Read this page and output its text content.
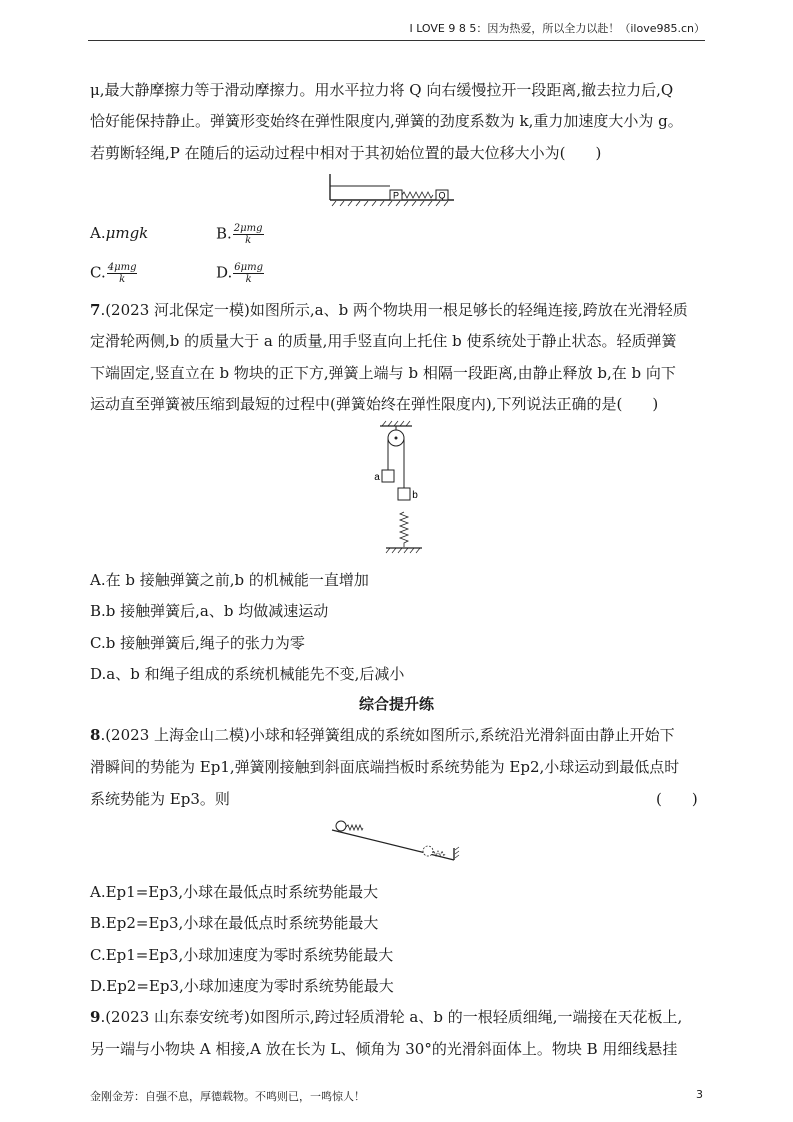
I LOVE 9 8 5：因为热爱，所以全力以赴！（ilove985.cn）
μ,最大静摩擦力等于滑动摩擦力。用水平拉力将 Q 向右缓慢拉开一段距离,撤去拉力后,Q
恰好能保持静止。弹簧形变始终在弹性限度内,弹簧的劲度系数为 k,重力加速度大小为 g。
若剪断轻绳,P 在随后的运动过程中相对于其初始位置的最大位移大小为(　　)
P	Q
A.μmgk	B. $\frac{\text{2μmg}}{k}$
C. $\frac{\text{4μmg}}{k}$	D. $\frac{\text{6μmg}}{k}$
7.(2023 河北保定一模)如图所示,a、b 两个物块用一根足够长的轻绳连接,跨放在光滑轻质
定滑轮两侧,b 的质量大于 a 的质量,用手竖直向上托住 b 使系统处于静止状态。轻质弹簧
下端固定,竖直立在 b 物块的正下方,弹簧上端与 b 相隔一段距离,由静止释放 b,在 b 向下
运动直至弹簧被压缩到最短的过程中(弹簧始终在弹性限度内),下列说法正确的是(　　)
a
b
A.在 b 接触弹簧之前,b 的机械能一直增加
B.b 接触弹簧后,a、b 均做减速运动
C.b 接触弹簧后,绳子的张力为零
D.a、b 和绳子组成的系统机械能先不变,后减小
综合提升练
8.(2023 上海金山二模)小球和轻弹簧组成的系统如图所示,系统沿光滑斜面由静止开始下
滑瞬间的势能为 Ep1,弹簧刚接触到斜面底端挡板时系统势能为 Ep2,小球运动到最低点时
系统势能为 Ep3。则	(　　)
A.Ep1=Ep3,小球在最低点时系统势能最大
B.Ep2=Ep3,小球在最低点时系统势能最大
C.Ep1=Ep3,小球加速度为零时系统势能最大
D.Ep2=Ep3,小球加速度为零时系统势能最大
9.(2023 山东泰安统考)如图所示,跨过轻质滑轮 a、b 的一根轻质细绳,一端接在天花板上,
另一端与小物块 A 相接,A 放在长为 L、倾角为 30°的光滑斜面体上。物块 B 用细线悬挂
金刚金芳：自强不息，厚德载物。不鸣则已，一鸣惊人！	3
